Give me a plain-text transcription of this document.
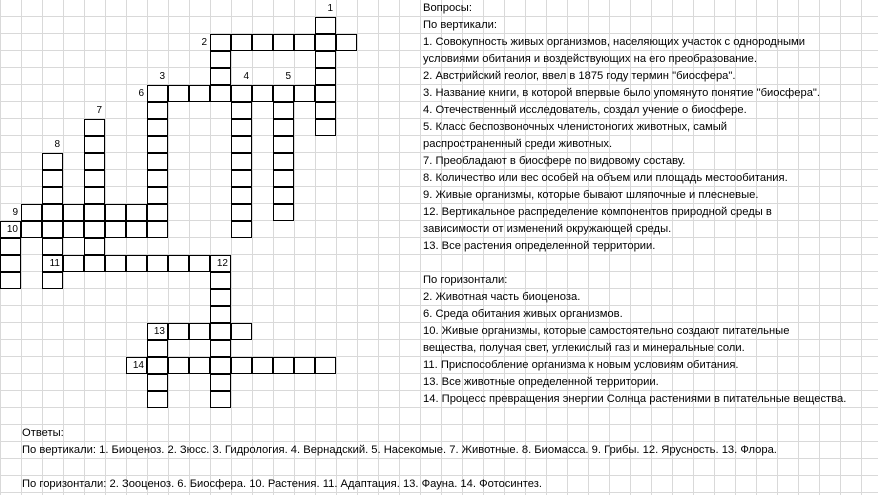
1
2
3	4	5
6
7
8
9
10
11	12
13
14
Вопросы:
По вертикали:
1. Совокупность живых организмов, населяющих участок с однородными
условиями обитания и воздействующих на его преобразование.
2. Австрийский геолог, ввел в 1875 году термин "биосфера".
3. Название книги, в которой впервые было упомянуто понятие "биосфера".
4. Отечественный исследователь, создал учение о биосфере.
5. Класс беспозвоночных членистоногих животных, самый
распространенный среди животных.
7. Преобладают в биосфере по видовому составу.
8. Количество или вес особей на объем или площадь местообитания.
9. Живые организмы, которые бывают шляпочные и плесневые.
12. Вертикальное распределение компонентов природной среды в
зависимости от изменений окружающей среды.
13. Все растения определенной территории.
По горизонтали:
2. Животная часть биоценоза.
6. Среда обитания живых организмов.
10. Живые организмы, которые самостоятельно создают питательные
вещества, получая свет, углекислый газ и минеральные соли.
11. Приспособление организма к новым условиям обитания.
13. Все животные определенной территории.
14. Процесс превращения энергии Солнца растениями в питательные вещества.
Ответы:
По вертикали: 1. Биоценоз. 2. Зюсс. 3. Гидрология. 4. Вернадский. 5. Насекомые. 7. Животные. 8. Биомасса. 9. Грибы. 12. Ярусность. 13. Флора.
По горизонтали: 2. Зооценоз. 6. Биосфера. 10. Растения. 11. Адаптация. 13. Фауна. 14. Фотосинтез.
